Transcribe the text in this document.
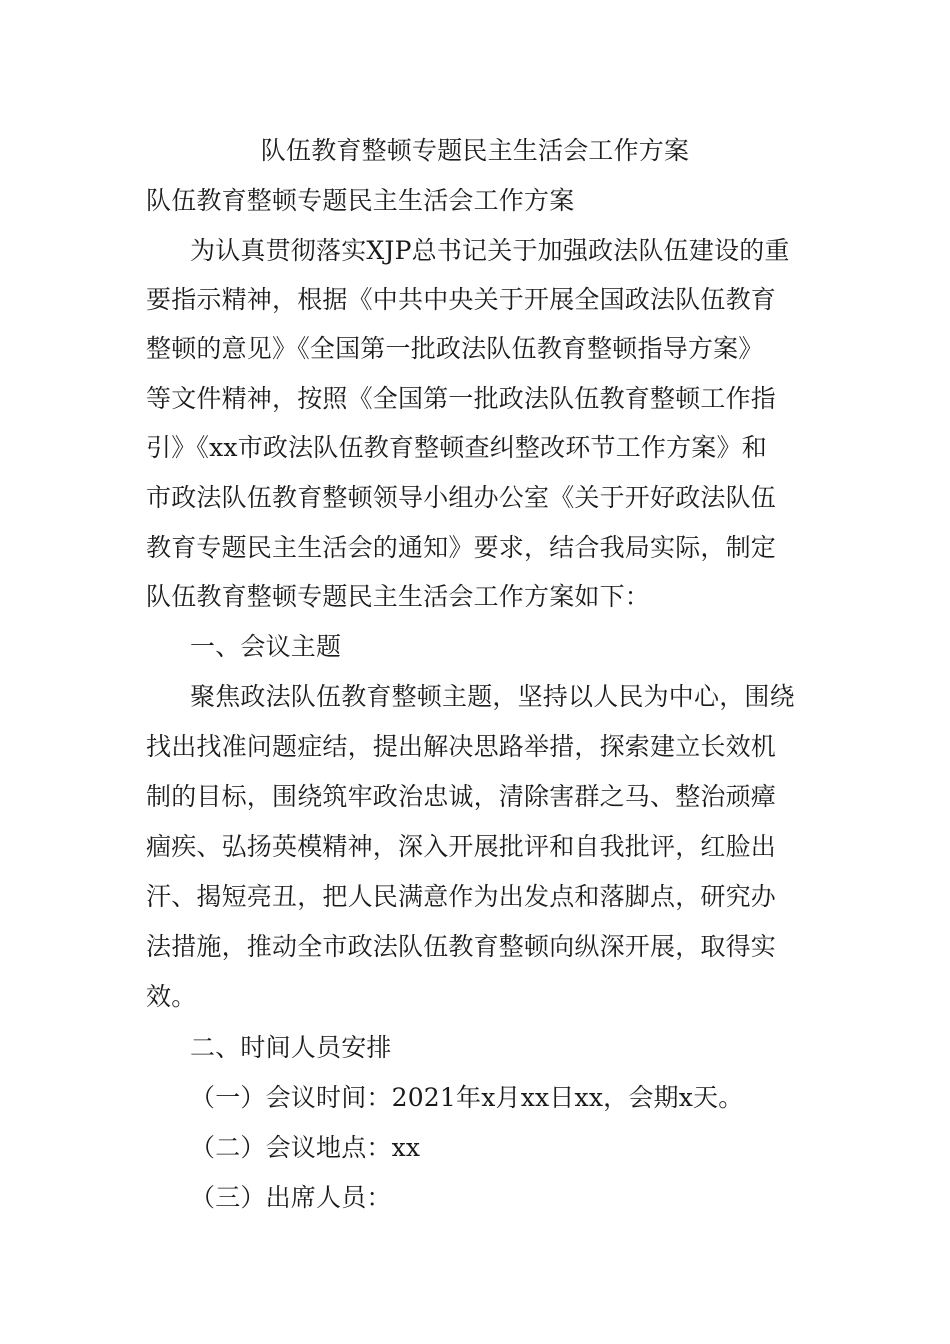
队伍教育整顿专题民主生活会工作方案
队伍教育整顿专题民主生活会工作方案
为认真贯彻落实XJP总书记关于加强政法队伍建设的重
要指示精神，根据《中共中央关于开展全国政法队伍教育
整顿的意见》《全国第一批政法队伍教育整顿指导方案》
等文件精神，按照《全国第一批政法队伍教育整顿工作指
引》《xx市政法队伍教育整顿查纠整改环节工作方案》和
市政法队伍教育整顿领导小组办公室《关于开好政法队伍
教育专题民主生活会的通知》要求，结合我局实际，制定
队伍教育整顿专题民主生活会工作方案如下：
一、会议主题
聚焦政法队伍教育整顿主题，坚持以人民为中心，围绕
找出找准问题症结，提出解决思路举措，探索建立长效机
制的目标，围绕筑牢政治忠诚，清除害群之马、整治顽瘴
痼疾、弘扬英模精神，深入开展批评和自我批评，红脸出
汗、揭短亮丑，把人民满意作为出发点和落脚点，研究办
法措施，推动全市政法队伍教育整顿向纵深开展，取得实
效。
二、时间人员安排
（一）会议时间：2021年x月xx日xx，会期x天。
（二）会议地点：xx
（三）出席人员：
